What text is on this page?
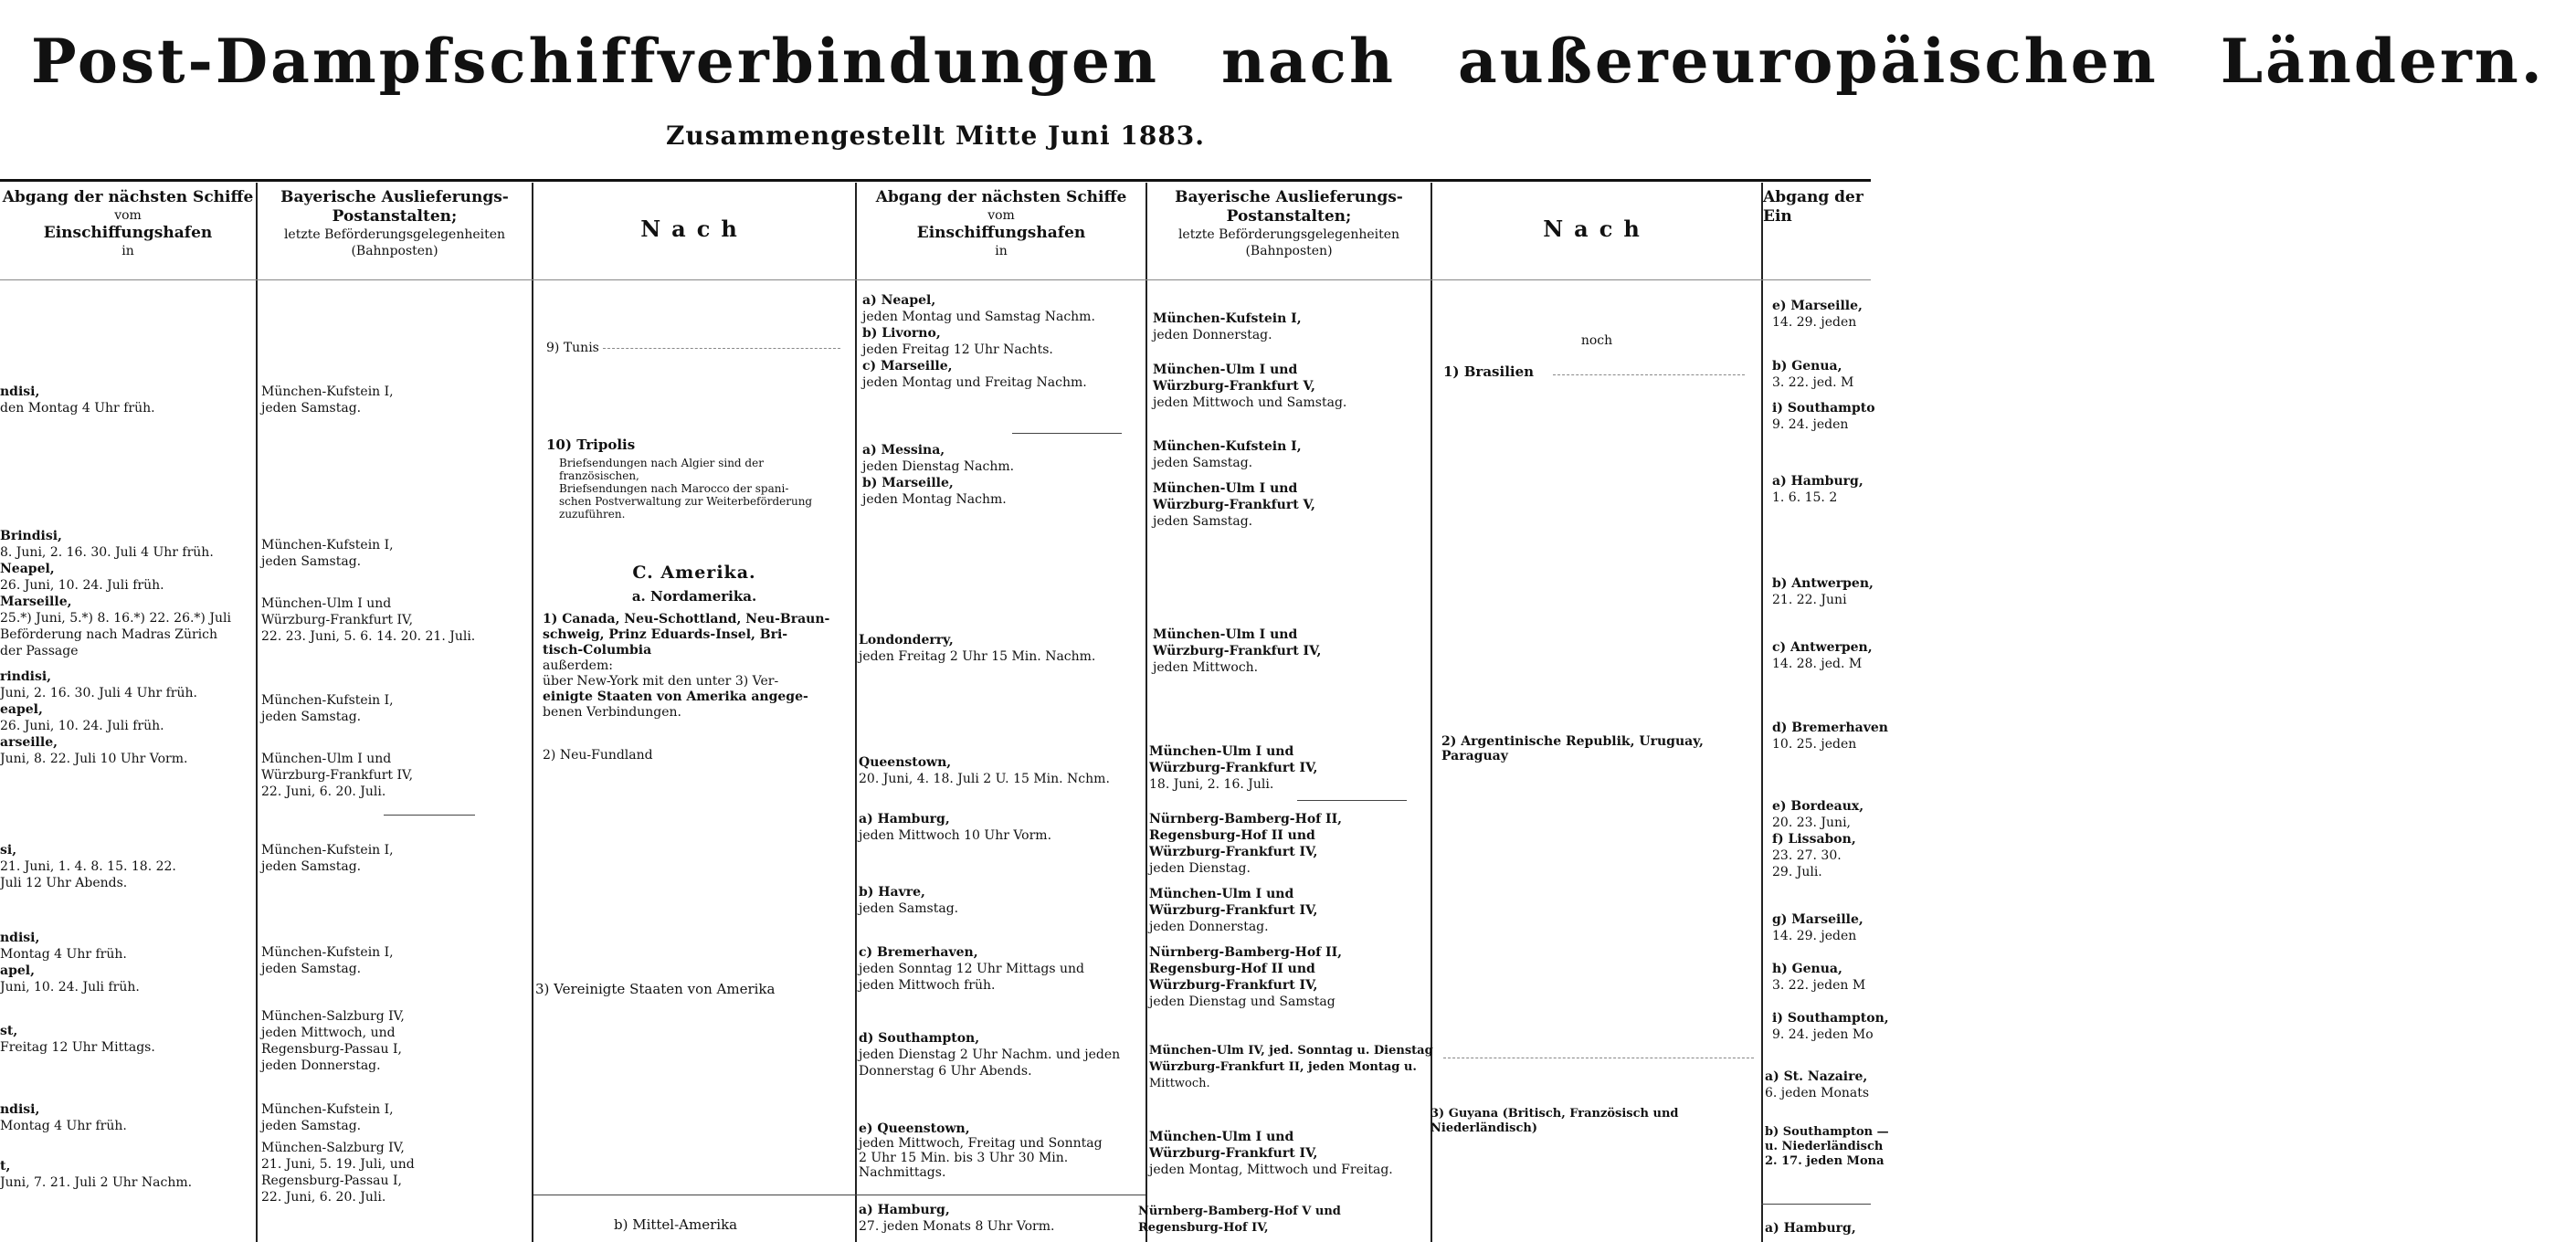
Post-Dampfschiffverbindungen nach außereuropäischen Ländern.
Zusammengestellt Mitte Juni 1883.
Abgang der nächsten Schiffe
vom
Einschiffungshafen
in
Bayerische Auslieferungs-
Postanstalten;
letzte Beförderungsgelegenheiten
(Bahnposten)
Nach
Abgang der nächsten Schiffe
vom
Einschiffungshafen
in
Bayerische Auslieferungs-
Postanstalten;
letzte Beförderungsgelegenheiten
(Bahnposten)
Nach
Abgang der
Ein
ndisi,
den Montag 4 Uhr früh.
Brindisi,
8. Juni, 2. 16. 30. Juli 4 Uhr früh.
Neapel,
26. Juni, 10. 24. Juli früh.
Marseille,
25.*) Juni, 5.*) 8. 16.*) 22. 26.*) Juli
Beförderung nach Madras Zürich
der Passage
rindisi,
Juni, 2. 16. 30. Juli 4 Uhr früh.
eapel,
26. Juni, 10. 24. Juli früh.
arseille,
Juni, 8. 22. Juli 10 Uhr Vorm.
si,
21. Juni, 1. 4. 8. 15. 18. 22.
Juli 12 Uhr Abends.
ndisi,
Montag 4 Uhr früh.
apel,
Juni, 10. 24. Juli früh.
st,
Freitag 12 Uhr Mittags.
ndisi,
Montag 4 Uhr früh.
t,
Juni, 7. 21. Juli 2 Uhr Nachm.
München-Kufstein I,
jeden Samstag.
München-Kufstein I,
jeden Samstag.
München-Ulm I und
Würzburg-Frankfurt IV,
22. 23. Juni, 5. 6. 14. 20. 21. Juli.
München-Kufstein I,
jeden Samstag.
München-Ulm I und
Würzburg-Frankfurt IV,
22. Juni, 6. 20. Juli.
München-Kufstein I,
jeden Samstag.
München-Kufstein I,
jeden Samstag.
München-Salzburg IV,
jeden Mittwoch, und
Regensburg-Passau I,
jeden Donnerstag.
München-Kufstein I,
jeden Samstag.
München-Salzburg IV,
21. Juni, 5. 19. Juli, und
Regensburg-Passau I,
22. Juni, 6. 20. Juli.
9) Tunis
10) Tripolis
Briefsendungen nach Algier sind der
französischen,
Briefsendungen nach Marocco der spani-
schen Postverwaltung zur Weiterbeförderung
zuzuführen.
C. Amerika.
a. Nordamerika.
1) Canada, Neu-Schottland, Neu-Braun-
schweig, Prinz Eduards-Insel, Bri-
tisch-Columbia
außerdem:
über New-York mit den unter 3) Ver-
einigte Staaten von Amerika angege-
benen Verbindungen.
2) Neu-Fundland
3) Vereinigte Staaten von Amerika
b) Mittel-Amerika
a) Neapel,
jeden Montag und Samstag Nachm.
b) Livorno,
jeden Freitag 12 Uhr Nachts.
c) Marseille,
jeden Montag und Freitag Nachm.
a) Messina,
jeden Dienstag Nachm.
b) Marseille,
jeden Montag Nachm.
Londonderry,
jeden Freitag 2 Uhr 15 Min. Nachm.
Queenstown,
20. Juni, 4. 18. Juli 2 U. 15 Min. Nchm.
a) Hamburg,
jeden Mittwoch 10 Uhr Vorm.
b) Havre,
jeden Samstag.
c) Bremerhaven,
jeden Sonntag 12 Uhr Mittags und
jeden Mittwoch früh.
d) Southampton,
jeden Dienstag 2 Uhr Nachm. und jeden
Donnerstag 6 Uhr Abends.
e) Queenstown,
jeden Mittwoch, Freitag und Sonntag
2 Uhr 15 Min. bis 3 Uhr 30 Min.
Nachmittags.
a) Hamburg,
27. jeden Monats 8 Uhr Vorm.
München-Kufstein I,
jeden Donnerstag.
München-Ulm I und
Würzburg-Frankfurt V,
jeden Mittwoch und Samstag.
München-Kufstein I,
jeden Samstag.
München-Ulm I und
Würzburg-Frankfurt V,
jeden Samstag.
München-Ulm I und
Würzburg-Frankfurt IV,
jeden Mittwoch.
München-Ulm I und
Würzburg-Frankfurt IV,
18. Juni, 2. 16. Juli.
Nürnberg-Bamberg-Hof II,
Regensburg-Hof II und
Würzburg-Frankfurt IV,
jeden Dienstag.
München-Ulm I und
Würzburg-Frankfurt IV,
jeden Donnerstag.
Nürnberg-Bamberg-Hof II,
Regensburg-Hof II und
Würzburg-Frankfurt IV,
jeden Dienstag und Samstag
München-Ulm IV, jed. Sonntag u. Dienstag
Würzburg-Frankfurt II, jeden Montag u.
Mittwoch.
München-Ulm I und
Würzburg-Frankfurt IV,
jeden Montag, Mittwoch und Freitag.
Nürnberg-Bamberg-Hof V und
Regensburg-Hof IV,
noch
1) Brasilien
2) Argentinische Republik, Uruguay,
Paraguay
3) Guyana (Britisch, Französisch und
Niederländisch)
e) Marseille,
14. 29. jeden
b) Genua,
3. 22. jed. M
i) Southampto
9. 24. jeden
a) Hamburg,
1. 6. 15. 2
b) Antwerpen,
21. 22. Juni
c) Antwerpen,
14. 28. jed. M
d) Bremerhaven
10. 25. jeden
e) Bordeaux,
20. 23. Juni,
f) Lissabon,
23. 27. 30.
29. Juli.
g) Marseille,
14. 29. jeden
h) Genua,
3. 22. jeden M
i) Southampton,
9. 24. jeden Mo
a) St. Nazaire,
6. jeden Monats
b) Southampton —
u. Niederländisch
2. 17. jeden Mona
a) Hamburg,
